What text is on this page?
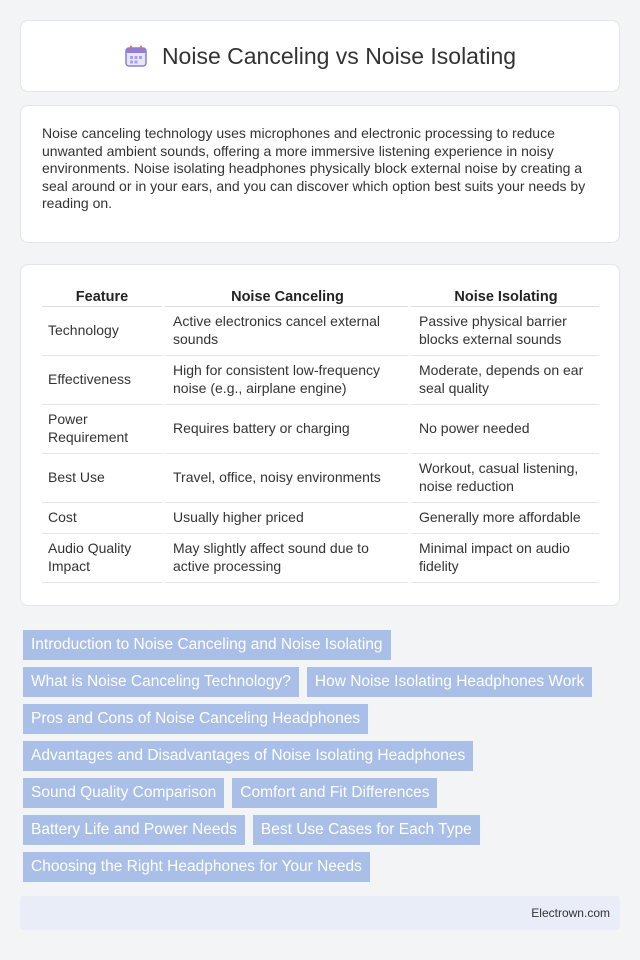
Noise Canceling vs Noise Isolating

Noise canceling technology uses microphones and electronic processing to reduce unwanted ambient sounds, offering a more immersive listening experience in noisy environments. Noise isolating headphones physically block external noise by creating a seal around or in your ears, and you can discover which option best suits your needs by reading on.

Feature	Noise Canceling	Noise Isolating
Technology	Active electronics cancel external sounds	Passive physical barrier blocks external sounds
Effectiveness	High for consistent low-frequency noise (e.g., airplane engine)	Moderate, depends on ear seal quality
Power Requirement	Requires battery or charging	No power needed
Best Use	Travel, office, noisy environments	Workout, casual listening, noise reduction
Cost	Usually higher priced	Generally more affordable
Audio Quality Impact	May slightly affect sound due to active processing	Minimal impact on audio fidelity
Introduction to Noise Canceling and Noise Isolating
What is Noise Canceling Technology?	How Noise Isolating Headphones Work
Pros and Cons of Noise Canceling Headphones
Advantages and Disadvantages of Noise Isolating Headphones
Sound Quality Comparison	Comfort and Fit Differences
Battery Life and Power Needs	Best Use Cases for Each Type
Choosing the Right Headphones for Your Needs
Electrown.com
